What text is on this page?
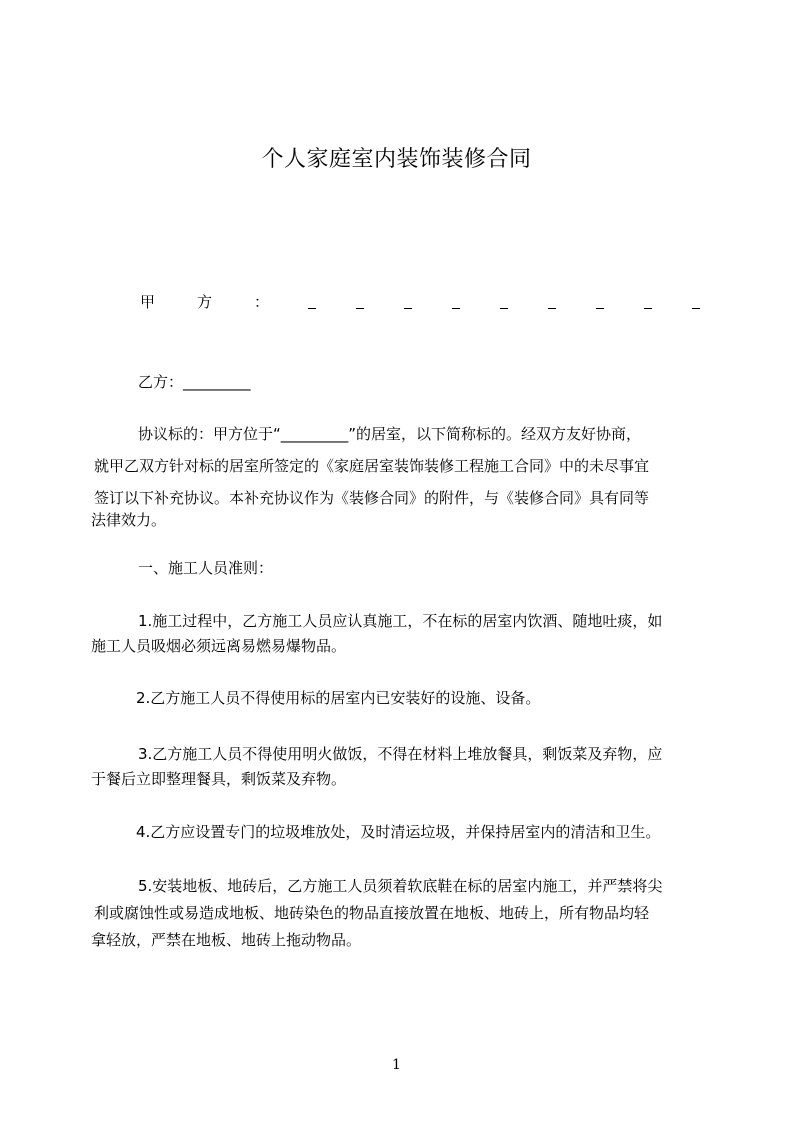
个人家庭室内装饰装修合同
甲	方	：
乙方：_________
协议标的：甲方位于“_________”的居室，以下简称标的。经双方友好协商，
就甲乙双方针对标的居室所签定的《家庭居室装饰装修工程施工合同》中的未尽事宜
签订以下补充协议。本补充协议作为《装修合同》的附件，与《装修合同》具有同等
法律效力。
一、施工人员准则：
1.施工过程中，乙方施工人员应认真施工，不在标的居室内饮酒、随地吐痰，如
施工人员吸烟必须远离易燃易爆物品。
2.乙方施工人员不得使用标的居室内已安装好的设施、设备。
3.乙方施工人员不得使用明火做饭，不得在材料上堆放餐具，剩饭菜及弃物，应
于餐后立即整理餐具，剩饭菜及弃物。
4.乙方应设置专门的垃圾堆放处，及时清运垃圾，并保持居室内的清洁和卫生。
5.安装地板、地砖后，乙方施工人员须着软底鞋在标的居室内施工，并严禁将尖
利或腐蚀性或易造成地板、地砖染色的物品直接放置在地板、地砖上，所有物品均轻
拿轻放，严禁在地板、地砖上拖动物品。
1
